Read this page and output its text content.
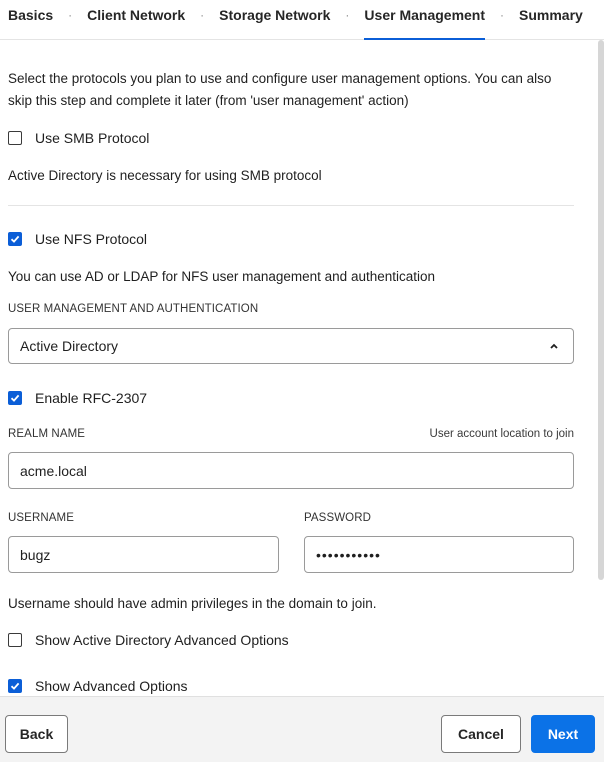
Basics	·	Client Network	·	Storage Network	·	User Management	·	Summary

Select the protocols you plan to use and configure user management options. You can also skip this step and complete it later (from 'user management' action)

Use SMB Protocol
Active Directory is necessary for using SMB protocol
Use NFS Protocol
You can use AD or LDAP for NFS user management and authentication
USER MANAGEMENT AND AUTHENTICATION
Active Directory
Enable RFC-2307
REALM NAME	User account location to join
acme.local
USERNAME
bugz
PASSWORD
•••••••••••
Username should have admin privileges in the domain to join.
Show Active Directory Advanced Options
Show Advanced Options
Back	Cancel	Next
